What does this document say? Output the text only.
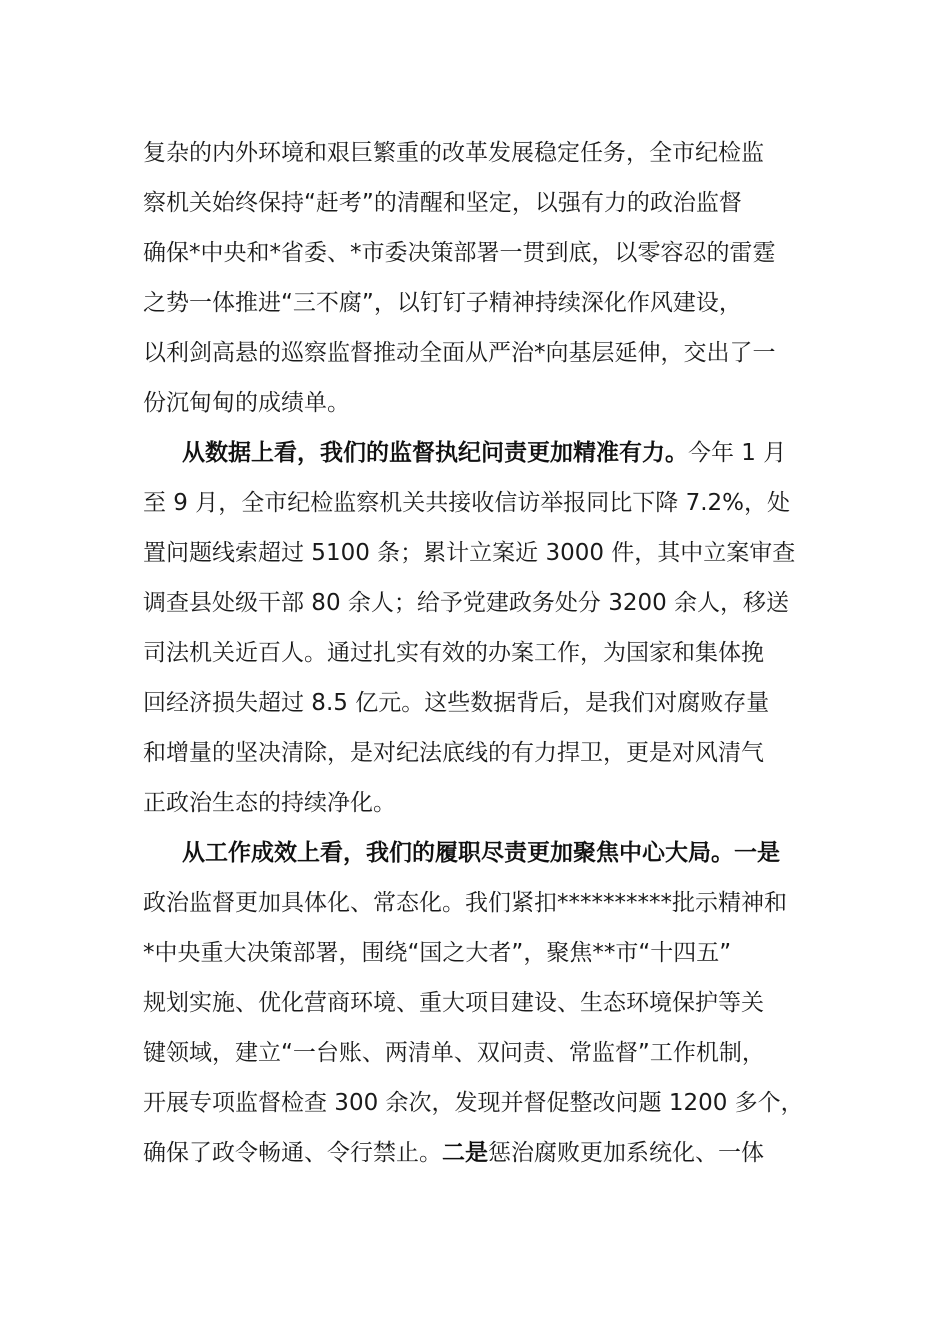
复杂的内外环境和艰巨繁重的改革发展稳定任务，全市纪检监
察机关始终保持“赶考”的清醒和坚定，以强有力的政治监督
确保*中央和*省委、*市委决策部署一贯到底，以零容忍的雷霆
之势一体推进“三不腐”，以钉钉子精神持续深化作风建设，
以利剑高悬的巡察监督推动全面从严治*向基层延伸，交出了一
份沉甸甸的成绩单。
从数据上看，我们的监督执纪问责更加精准有力。今年 1 月
至 9 月，全市纪检监察机关共接收信访举报同比下降 7.2%，处
置问题线索超过 5100 条；累计立案近 3000 件，其中立案审查
调查县处级干部 80 余人；给予党建政务处分 3200 余人，移送
司法机关近百人。通过扎实有效的办案工作，为国家和集体挽
回经济损失超过 8.5 亿元。这些数据背后，是我们对腐败存量
和增量的坚决清除，是对纪法底线的有力捍卫，更是对风清气
正政治生态的持续净化。
从工作成效上看，我们的履职尽责更加聚焦中心大局。一是
政治监督更加具体化、常态化。我们紧扣**********批示精神和
*中央重大决策部署，围绕“国之大者”，聚焦**市“十四五”
规划实施、优化营商环境、重大项目建设、生态环境保护等关
键领域，建立“一台账、两清单、双问责、常监督”工作机制，
开展专项监督检查 300 余次，发现并督促整改问题 1200 多个，
确保了政令畅通、令行禁止。二是惩治腐败更加系统化、一体
